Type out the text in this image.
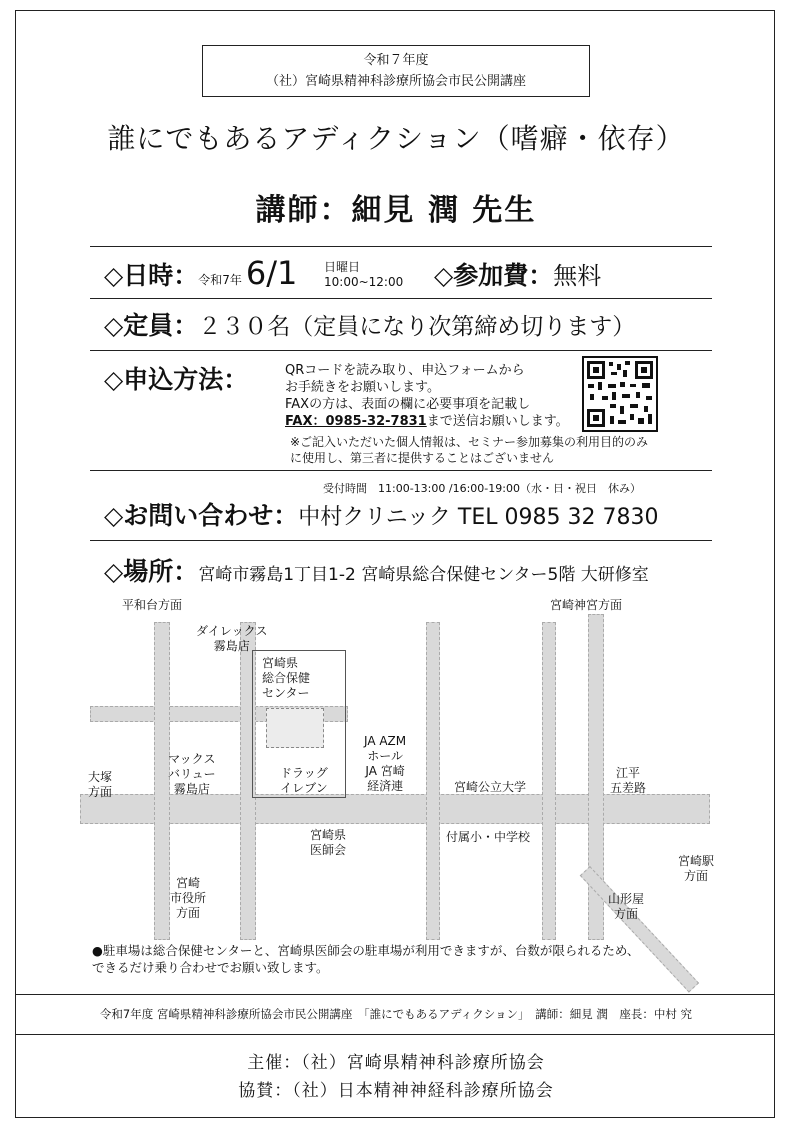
令和７年度
（社）宮崎県精神科診療所協会市民公開講座
誰にでもあるアディクション（嗜癖・依存）
講師：細見 潤 先生
◇日時：令和7年 6/1 日曜日
10:00~12:00 ◇参加費：無料
◇定員：２３０名（定員になり次第締め切ります）
◇申込方法：	QRコードを読み取り、申込フォームから
お手続きをお願いします。
FAXの方は、表面の欄に必要事項を記載し
FAX：0985-32-7831まで送信お願いします。
※ご記入いただいた個人情報は、セミナー参加募集の利用目的のみ
に使用し、第三者に提供することはございません
受付時間　11:00-13:00 /16:00-19:00（水・日・祝日　休み）
◇お問い合わせ：中村クリニック TEL 0985 32 7830
◇場所：宮崎市霧島1丁目1-2 宮崎県総合保健センター5階 大研修室
平和台方面	宮崎神宮方面
ダイレックス
霧島店
宮崎県
総合保健
センター
マックス
バリュー
霧島店
ドラッグ
イレブン
JA AZM
ホール
JA 宮崎
経済連	宮崎公立大学
江平
五差路
大塚
方面
宮崎県
医師会
付属小・中学校
宮崎駅
方面
宮崎
市役所
方面
山形屋
方面
●駐車場は総合保健センターと、宮崎県医師会の駐車場が利用できますが、台数が限られるため、
できるだけ乗り合わせでお願い致します。
令和7年度 宮崎県精神科診療所協会市民公開講座　「誰にでもあるアディクション」　講師：細見 潤　座長：中村 究
主催：（社）宮崎県精神科診療所協会
協賛：（社）日本精神神経科診療所協会
